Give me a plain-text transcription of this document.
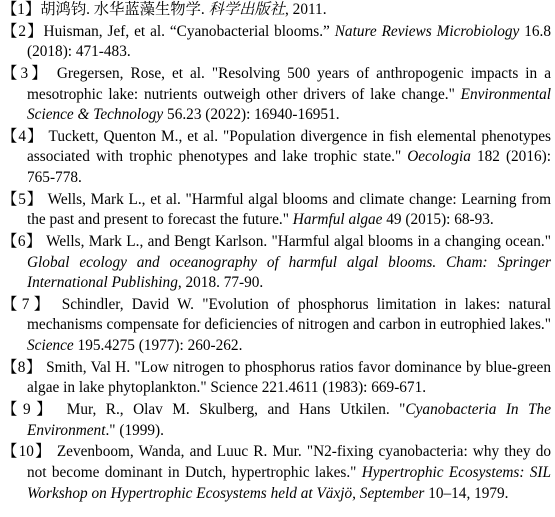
【1】胡鸿钧. 水华蓝藻生物学. 科学出版社, 2011.
【2】Huisman, Jef, et al. “Cyanobacterial blooms.” Nature Reviews Microbiology 16.8 (2018): 471-483.
【3】 Gregersen, Rose, et al. "Resolving 500 years of anthropogenic impacts in a mesotrophic lake: nutrients outweigh other drivers of lake change." Environmental Science & Technology 56.23 (2022): 16940-16951.
【4】 Tuckett, Quenton M., et al. "Population divergence in fish elemental phenotypes associated with trophic phenotypes and lake trophic state." Oecologia 182 (2016): 765-778.
【5】 Wells, Mark L., et al. "Harmful algal blooms and climate change: Learning from the past and present to forecast the future." Harmful algae 49 (2015): 68-93.
【6】 Wells, Mark L., and Bengt Karlson. "Harmful algal blooms in a changing ocean." Global ecology and oceanography of harmful algal blooms. Cham: Springer International Publishing, 2018. 77-90.
【7】 Schindler, David W. "Evolution of phosphorus limitation in lakes: natural mechanisms compensate for deficiencies of nitrogen and carbon in eutrophied lakes." Science 195.4275 (1977): 260-262.
【8】 Smith, Val H. "Low nitrogen to phosphorus ratios favor dominance by blue-green algae in lake phytoplankton." Science 221.4611 (1983): 669-671.
【9】 Mur, R., Olav M. Skulberg, and Hans Utkilen. "Cyanobacteria In The Environment." (1999).
【10】 Zevenboom, Wanda, and Luuc R. Mur. "N2-fixing cyanobacteria: why they do not become dominant in Dutch, hypertrophic lakes." Hypertrophic Ecosystems: SIL Workshop on Hypertrophic Ecosystems held at Växjö, September 10–14, 1979.
